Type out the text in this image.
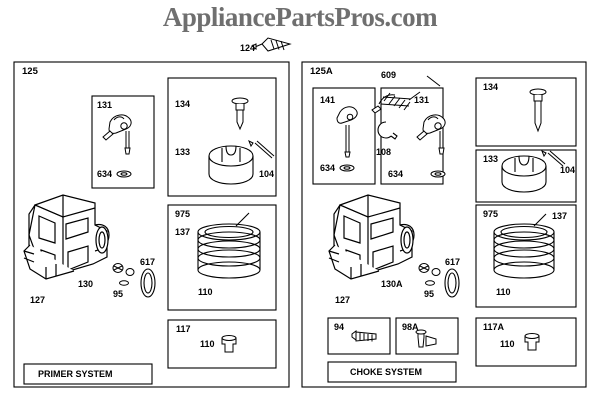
AppliancePartsPros.com
124
125
131
634
134
133
104
975
137
110
617
127
130
95
117
110
PRIMER SYSTEM
125A	609
141
634
108
131
634
134
133
104
975	137
110
617
127
130A
95
94	98A	117A
110
CHOKE SYSTEM
